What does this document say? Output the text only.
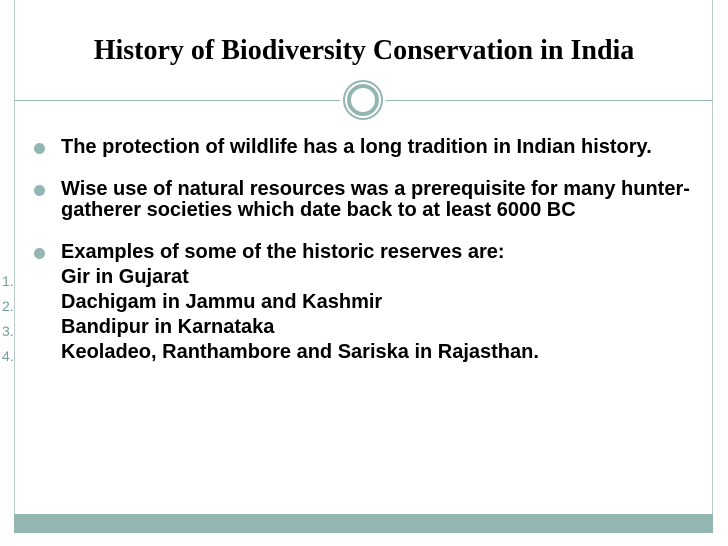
History of Biodiversity Conservation in India
The protection of wildlife has a long tradition in Indian history.
Wise use of natural resources was a prerequisite for many hunter-gatherer societies which date back to at least 6000 BC
Examples of some of the historic reserves are:
1. Gir in Gujarat
2. Dachigam in Jammu and Kashmir
3. Bandipur in Karnataka
4. Keoladeo, Ranthambore and Sariska in Rajasthan.
